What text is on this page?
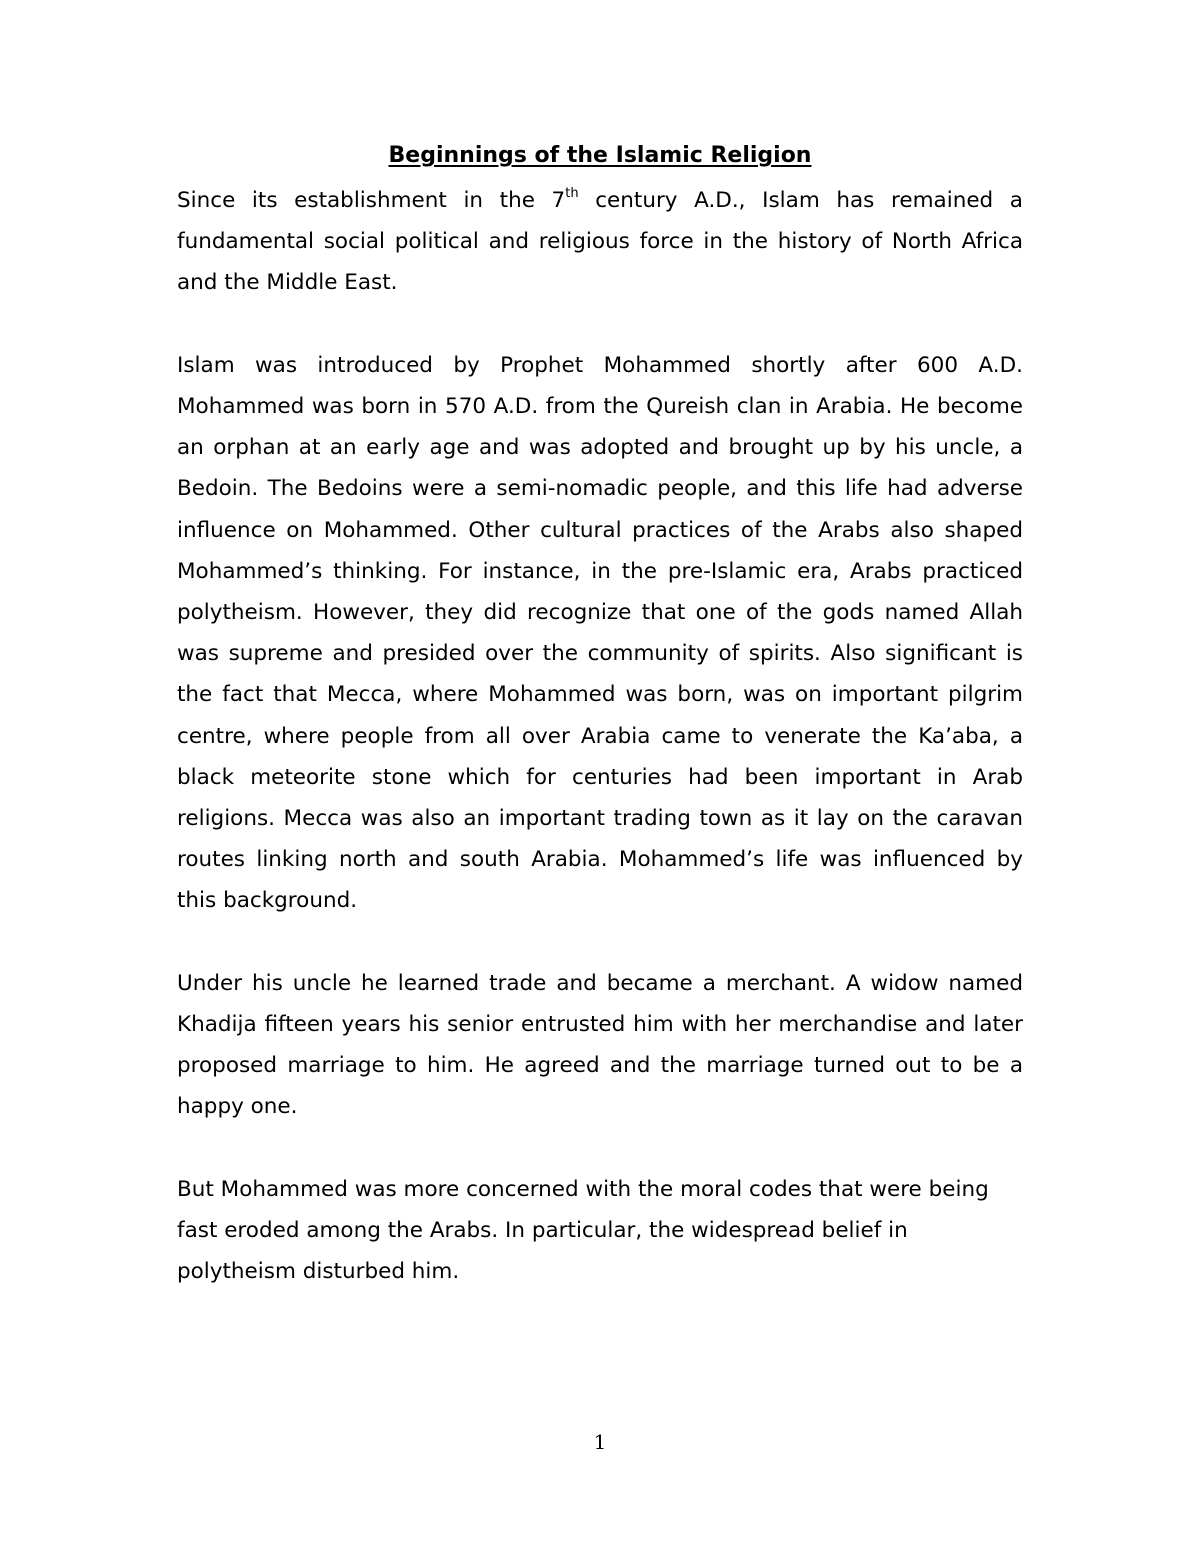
Beginnings of the Islamic Religion

Since its establishment in the 7th century A.D., Islam has remained a fundamental social political and religious force in the history of North Africa and the Middle East.

Islam was introduced by Prophet Mohammed shortly after 600 A.D. Mohammed was born in 570 A.D. from the Qureish clan in Arabia. He become an orphan at an early age and was adopted and brought up by his uncle, a Bedoin. The Bedoins were a semi-nomadic people, and this life had adverse influence on Mohammed. Other cultural practices of the Arabs also shaped Mohammed’s thinking. For instance, in the pre-Islamic era, Arabs practiced polytheism. However, they did recognize that one of the gods named Allah was supreme and presided over the community of spirits. Also significant is the fact that Mecca, where Mohammed was born, was on important pilgrim centre, where people from all over Arabia came to venerate the Ka’aba, a black meteorite stone which for centuries had been important in Arab religions. Mecca was also an important trading town as it lay on the caravan routes linking north and south Arabia. Mohammed’s life was influenced by this background.

Under his uncle he learned trade and became a merchant. A widow named Khadija fifteen years his senior entrusted him with her merchandise and later proposed marriage to him. He agreed and the marriage turned out to be a happy one.

But Mohammed was more concerned with the moral codes that were being fast eroded among the Arabs. In particular, the widespread belief in polytheism disturbed him.

1
